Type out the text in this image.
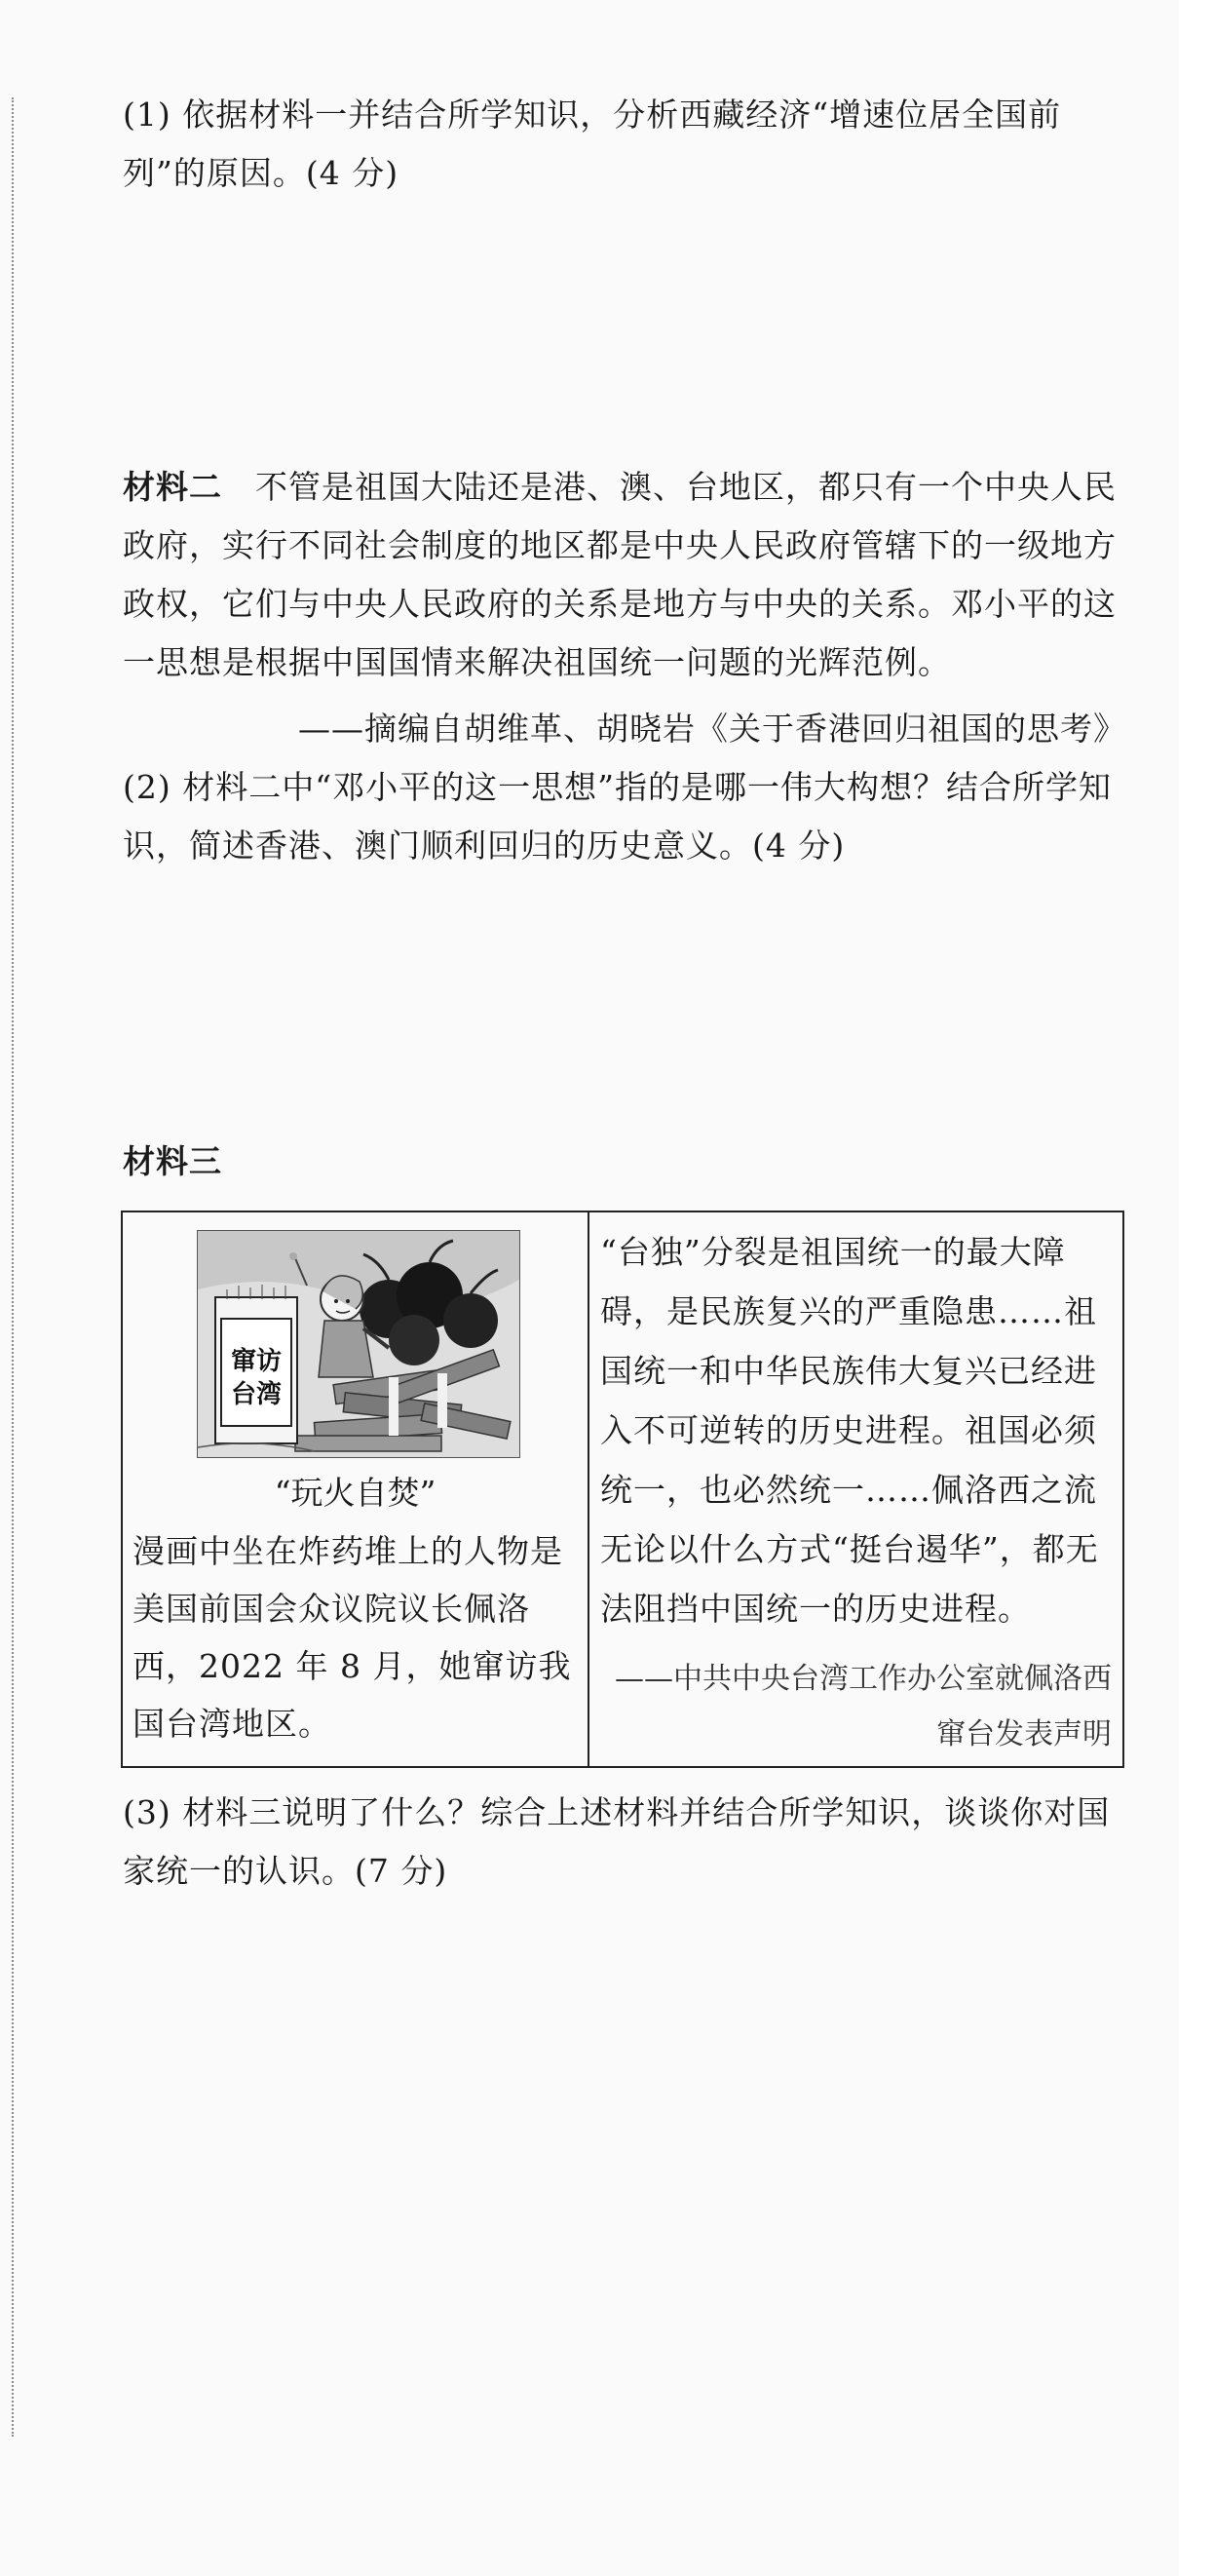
(1) 依据材料一并结合所学知识，分析西藏经济“增速位居全国前列”的原因。(4 分)
材料二　不管是祖国大陆还是港、澳、台地区，都只有一个中央人民政府，实行不同社会制度的地区都是中央人民政府管辖下的一级地方政权，它们与中央人民政府的关系是地方与中央的关系。邓小平的这一思想是根据中国国情来解决祖国统一问题的光辉范例。
——摘编自胡维革、胡晓岩《关于香港回归祖国的思考》
(2) 材料二中“邓小平的这一思想”指的是哪一伟大构想？结合所学知识，简述香港、澳门顺利回归的历史意义。(4 分)
材料三
窜访
台湾
“玩火自焚”
漫画中坐在炸药堆上的人物是美国前国会众议院议长佩洛西，2022 年 8 月，她窜访我国台湾地区。
“台独”分裂是祖国统一的最大障碍，是民族复兴的严重隐患……祖国统一和中华民族伟大复兴已经进入不可逆转的历史进程。祖国必须统一，也必然统一……佩洛西之流无论以什么方式“挺台遏华”，都无法阻挡中国统一的历史进程。
——中共中央台湾工作办公室就佩洛西窜台发表声明
(3) 材料三说明了什么？综合上述材料并结合所学知识，谈谈你对国家统一的认识。(7 分)
